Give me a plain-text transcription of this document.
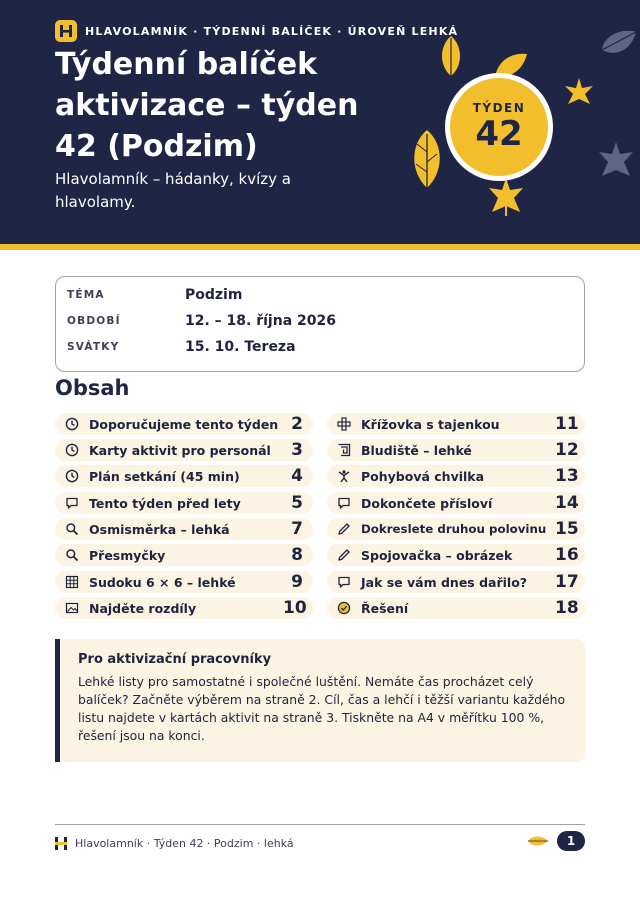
HLAVOLAMNÍK · TÝDENNÍ BALÍČEK · ÚROVEŇ LEHKÁ
Týdenní balíček aktivizace – týden 42 (Podzim)
Hlavolamník – hádanky, kvízy a hlavolamy.
TÝDEN
42
TÉMA	Podzim
OBDOBÍ	12. – 18. října 2026
SVÁTKY	15. 10. Tereza
Obsah
Doporučujeme tento týden 2
Karty aktivit pro personál	3
Plán setkání (45 min)	4
Tento týden před lety	5
Osmisměrka – lehká	7
Přesmyčky	8
Sudoku 6 × 6 – lehké	9
Najděte rozdíly	10
Křížovka s tajenkou	11
Bludiště – lehké	12
Pohybová chvilka	13
Dokončete přísloví	14
Dokreslete druhou polovinu 15
Spojovačka – obrázek	16
Jak se vám dnes dařilo?	17
Řešení	18
Pro aktivizační pracovníky
Lehké listy pro samostatné i společné luštění. Nemáte čas procházet celý balíček? Začněte výběrem na straně 2. Cíl, čas a lehčí i těžší variantu každého listu najdete v kartách aktivit na straně 3. Tiskněte na A4 v měřítku 100 %, řešení jsou na konci.
Hlavolamník · Týden 42 · Podzim · lehká	1
